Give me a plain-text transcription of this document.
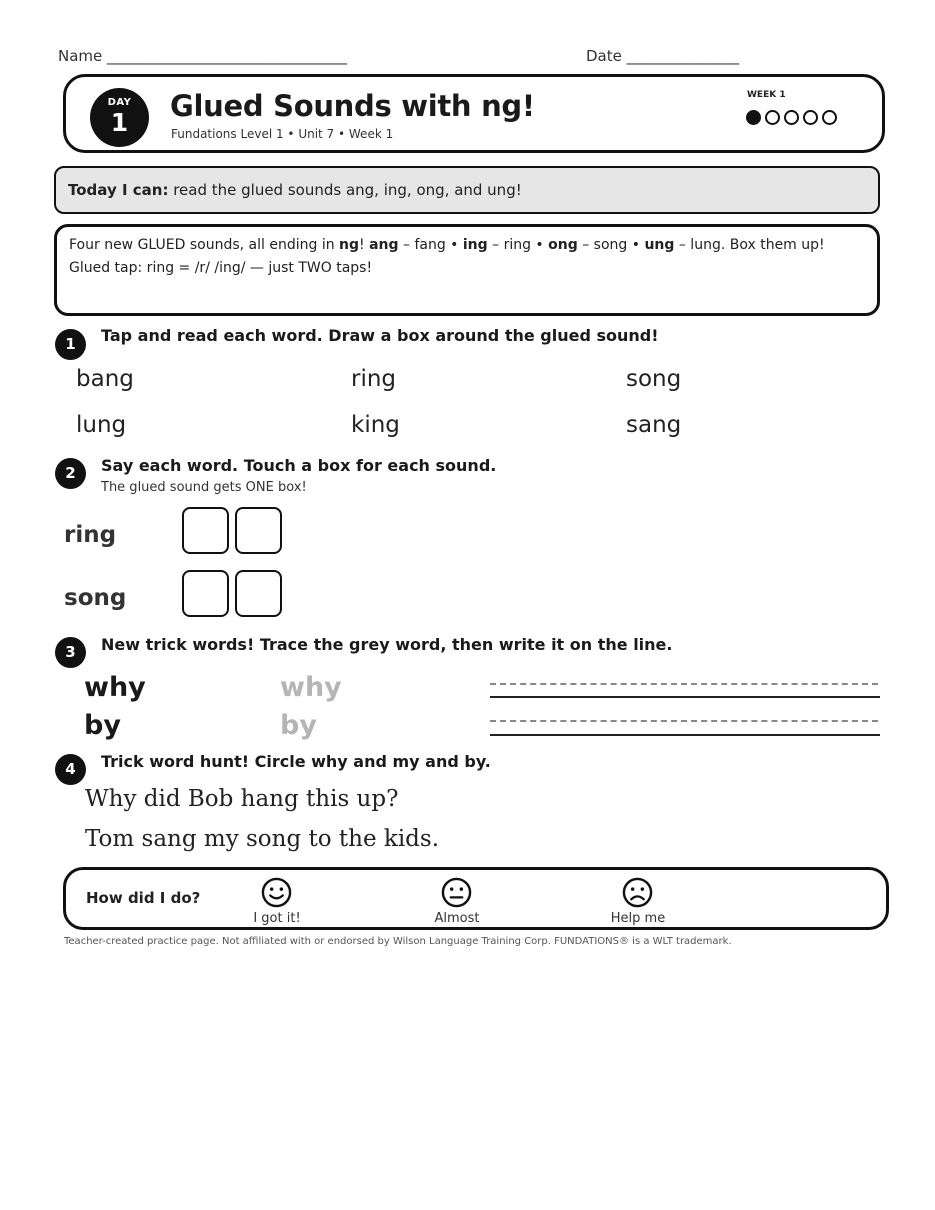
Name ________________________________	Date _______________
DAY
1	Glued Sounds with ng!
Fundations Level 1 • Unit 7 • Week 1
WEEK 1
Today I can: read the glued sounds ang, ing, ong, and ung!
Four new GLUED sounds, all ending in ng! ang – fang • ing – ring • ong – song • ung – lung. Box them up!
Glued tap: ring = /r/ /ing/ — just TWO taps!
1	Tap and read each word. Draw a box around the glued sound!
bang	ring	song
lung	king	sang
2	Say each word. Touch a box for each sound.
The glued sound gets ONE box!
ring
song
3	New trick words! Trace the grey word, then write it on the line.
why	why
by	by
4	Trick word hunt! Circle why and my and by.
Why did Bob hang this up?
Tom sang my song to the kids.
How did I do?
I got it!	Almost	Help me
Teacher-created practice page. Not affiliated with or endorsed by Wilson Language Training Corp. FUNDATIONS® is a WLT trademark.
